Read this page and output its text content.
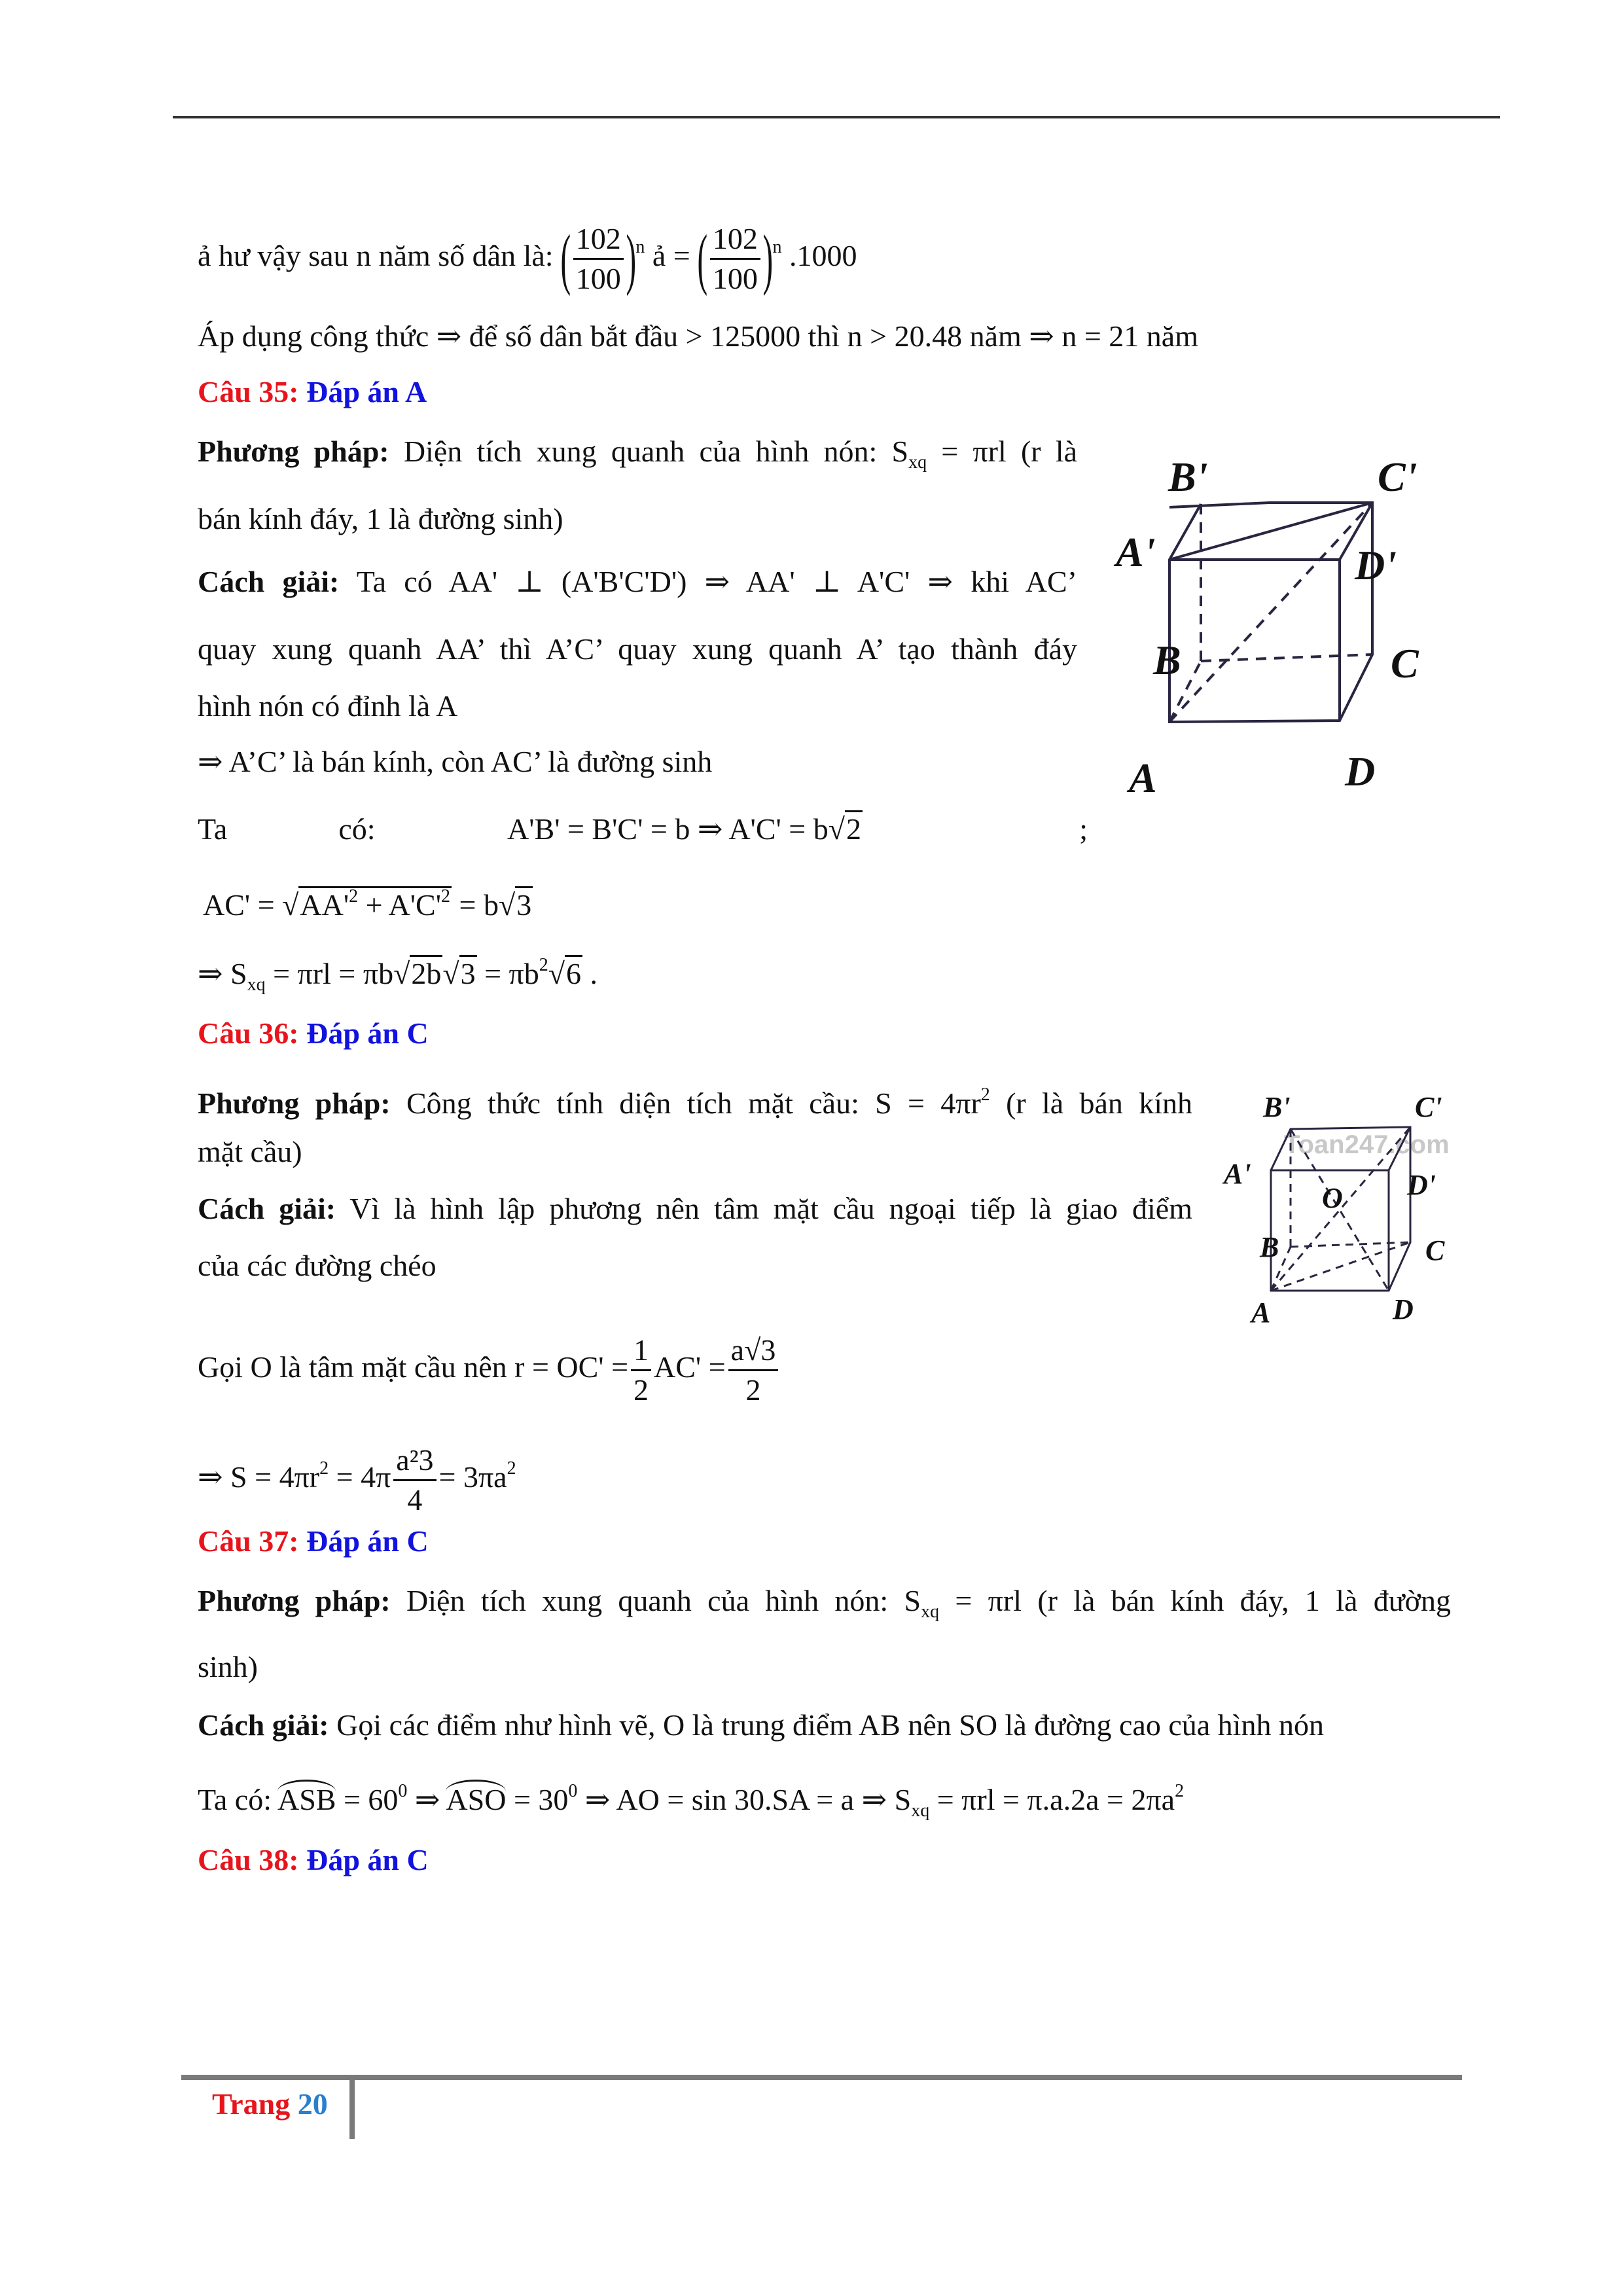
ả hư vậy sau n năm số dân là: ( $\frac{102}{100} )^n$ ả = ( $\frac{102}{100} )^n$ .1000
Áp dụng công thức ⇒ để số dân bắt đầu > 125000 thì n > 20.48 năm ⇒ n = 21 năm
Câu 35: Đáp án A
Phương pháp: Diện tích xung quanh của hình nón: $S_{xq} = \pi rl$ (r là
bán kính đáy, 1 là đường sinh)
Cách giải: Ta có AA' ⊥ (A'B'C'D') ⇒ AA' ⊥ A'C' ⇒ khi AC’
quay xung quanh AA’ thì A’C’ quay xung quanh A’ tạo thành đáy
hình nón có đỉnh là A
⇒ A’C’ là bán kính, còn AC’ là đường sinh
Ta	có:	A'B' = B'C' = b ⇒ A'C' = b√2	;
$AC' = √AA'^2 + A'C'^2 = b√3$
⇒ $S_{xq} = \pi rl = \pi b√2b√3 = \pi b^2√6$ .
B'	C'
A'	D'
B	C
A	D
Câu 36: Đáp án C
Phương pháp: Công thức tính diện tích mặt cầu: $S = 4\pi r^2$ (r là bán kính
mặt cầu)
Cách giải: Vì là hình lập phương nên tâm mặt cầu ngoại tiếp là giao điểm
của các đường chéo
Gọi O là tâm mặt cầu nên $r = OC' = \frac{1}{2} AC' = \frac{a√3}{2}$
⇒ $S = 4\pi r^2 = 4\pi \frac{\text{a²3}}{4} = 3\pi a^2$
Toan247.com
B'	C'
A'	D'
O
B	C
A	D
Câu 37: Đáp án C
Phương pháp: Diện tích xung quanh của hình nón: $S_{xq} = \pi rl$ (r là bán kính đáy, 1 là đường
sinh)
Cách giải: Gọi các điểm như hình vẽ, O là trung điểm AB nên SO là đường cao của hình nón
Ta có: ASB = $60^0$ ⇒ ASO = $30^0$ ⇒ AO = sin 30.SA = a ⇒ $S_{xq} = \pi rl = \pi.a.2a = 2\pi a^2$
Câu 38: Đáp án C
Trang 20
